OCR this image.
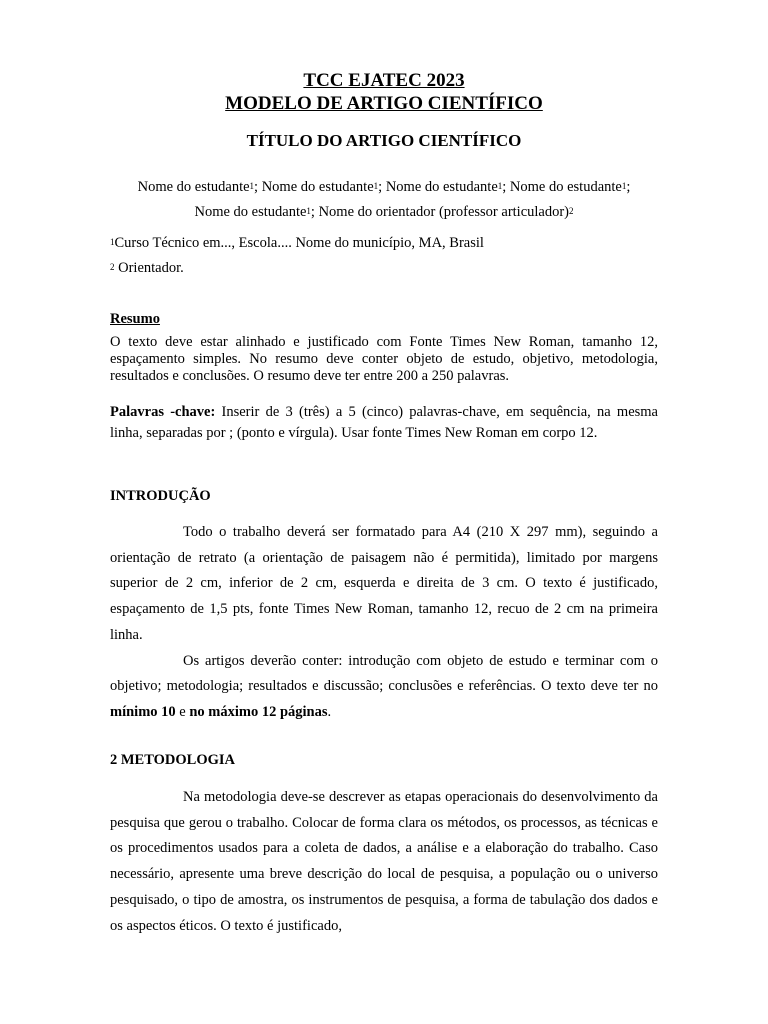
TCC EJATEC 2023
MODELO DE ARTIGO CIENTÍFICO
TÍTULO DO ARTIGO CIENTÍFICO
Nome do estudante$^1$; Nome do estudante$^1$; Nome do estudante$^1$; Nome do estudante$^1$;
Nome do estudante$^1$; Nome do orientador (professor articulador)$^2$
$^1$Curso Técnico em..., Escola.... Nome do município, MA, Brasil
$^2$ Orientador.
Resumo
O texto deve estar alinhado e justificado com Fonte Times New Roman, tamanho 12, espaçamento simples. No resumo deve conter objeto de estudo, objetivo, metodologia, resultados e conclusões. O resumo deve ter entre 200 a 250 palavras.
Palavras -chave: Inserir de 3 (três) a 5 (cinco) palavras-chave, em sequência, na mesma linha, separadas por ; (ponto e vírgula). Usar fonte Times New Roman em corpo 12.
INTRODUÇÃO

Todo o trabalho deverá ser formatado para A4 (210 X 297 mm), seguindo a orientação de retrato (a orientação de paisagem não é permitida), limitado por margens superior de 2 cm, inferior de 2 cm, esquerda e direita de 3 cm. O texto é justificado, espaçamento de 1,5 pts, fonte Times New Roman, tamanho 12, recuo de 2 cm na primeira linha.

Os artigos deverão conter: introdução com objeto de estudo e terminar com o objetivo; metodologia; resultados e discussão; conclusões e referências. O texto deve ter no mínimo 10 e no máximo 12 páginas.

2 METODOLOGIA

Na metodologia deve-se descrever as etapas operacionais do desenvolvimento da pesquisa que gerou o trabalho. Colocar de forma clara os métodos, os processos, as técnicas e os procedimentos usados para a coleta de dados, a análise e a elaboração do trabalho. Caso necessário, apresente uma breve descrição do local de pesquisa, a população ou o universo pesquisado, o tipo de amostra, os instrumentos de pesquisa, a forma de tabulação dos dados e os aspectos éticos. O texto é justificado,
